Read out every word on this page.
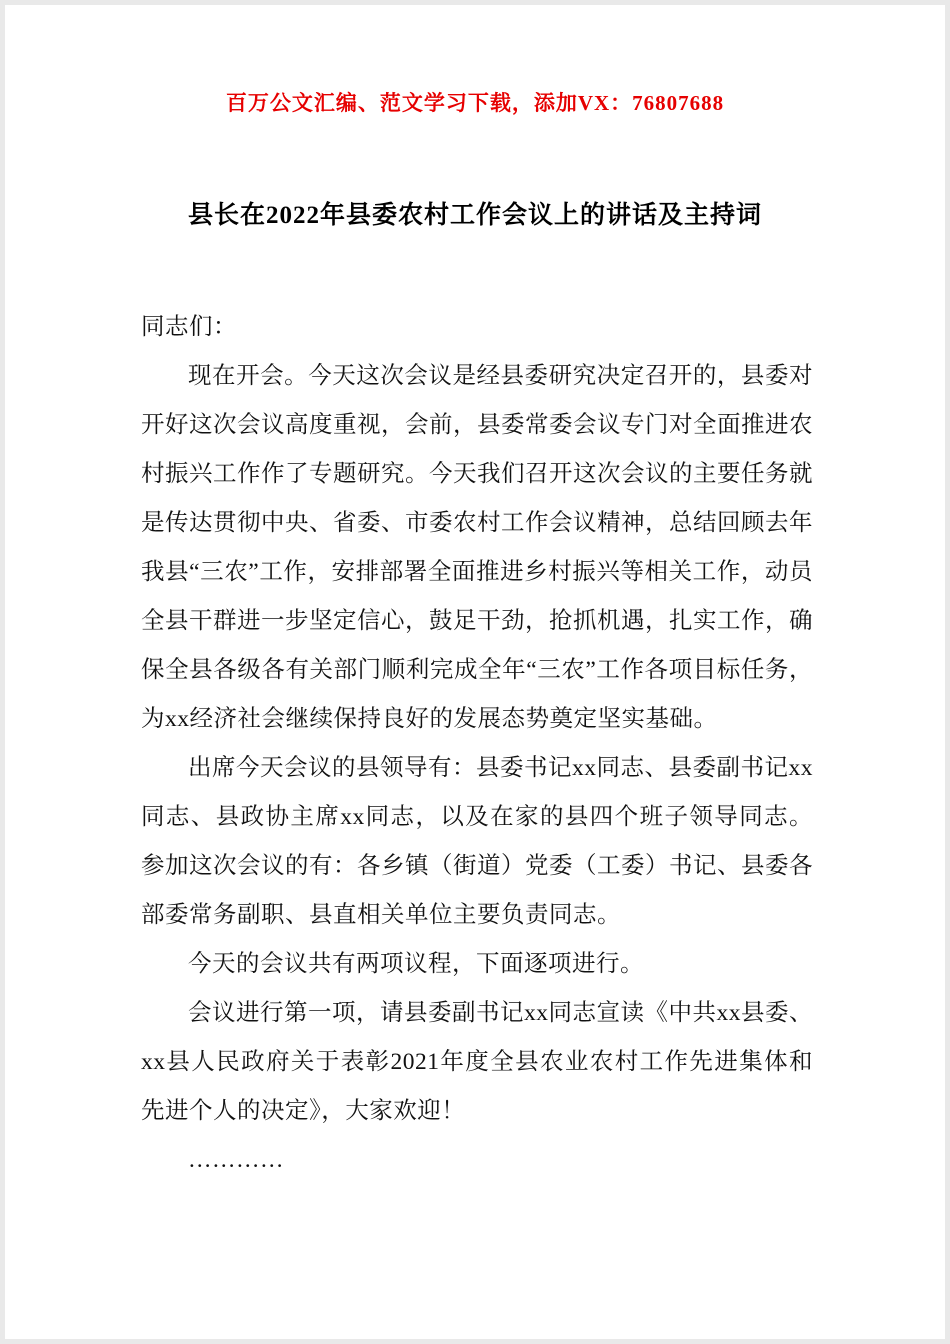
百万公文汇编、范文学习下载，添加VX：76807688
县长在2022年县委农村工作会议上的讲话及主持词

同志们：

现在开会。今天这次会议是经县委研究决定召开的，县委对开好这次会议高度重视，会前，县委常委会议专门对全面推进农村振兴工作作了专题研究。今天我们召开这次会议的主要任务就是传达贯彻中央、省委、市委农村工作会议精神，总结回顾去年我县“三农”工作，安排部署全面推进乡村振兴等相关工作，动员全县干群进一步坚定信心，鼓足干劲，抢抓机遇，扎实工作，确保全县各级各有关部门顺利完成全年“三农”工作各项目标任务，为xx经济社会继续保持良好的发展态势奠定坚实基础。

出席今天会议的县领导有：县委书记xx同志、县委副书记xx同志、县政协主席xx同志，以及在家的县四个班子领导同志。参加这次会议的有：各乡镇（街道）党委（工委）书记、县委各部委常务副职、县直相关单位主要负责同志。

今天的会议共有两项议程，下面逐项进行。

会议进行第一项，请县委副书记xx同志宣读《中共xx县委、xx县人民政府关于表彰2021年度全县农业农村工作先进集体和先进个人的决定》，大家欢迎！

…………
